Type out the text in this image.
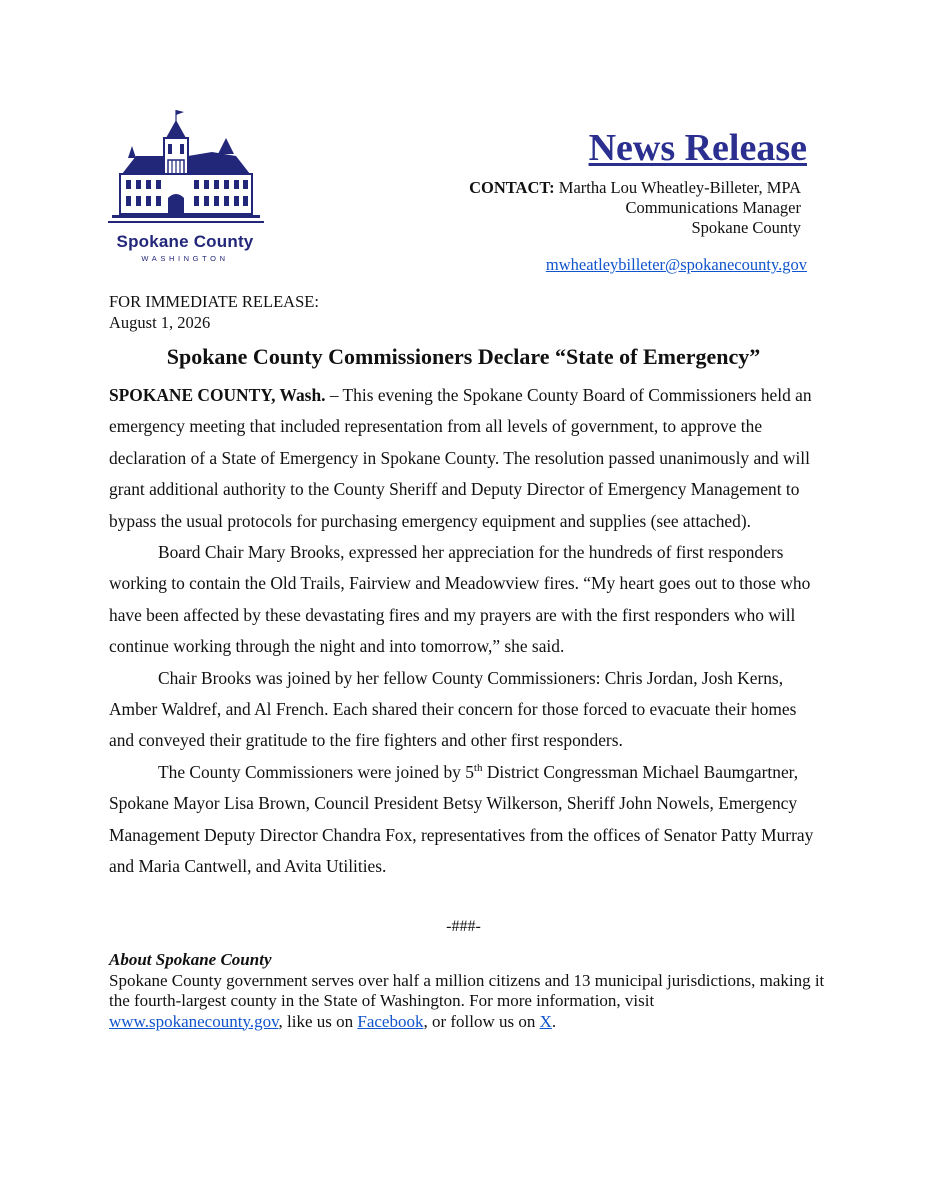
Spokane County
WASHINGTON
News Release
CONTACT: Martha Lou Wheatley-Billeter, MPA
Communications Manager
Spokane County
mwheatleybilleter@spokanecounty.gov
FOR IMMEDIATE RELEASE:
August 1, 2026
Spokane County Commissioners Declare “State of Emergency”

SPOKANE COUNTY, Wash. – This evening the Spokane County Board of Commissioners held an emergency meeting that included representation from all levels of government, to approve the declaration of a State of Emergency in Spokane County. The resolution passed unanimously and will grant additional authority to the County Sheriff and Deputy Director of Emergency Management to bypass the usual protocols for purchasing emergency equipment and supplies (see attached).

Board Chair Mary Brooks, expressed her appreciation for the hundreds of first responders working to contain the Old Trails, Fairview and Meadowview fires. “My heart goes out to those who have been affected by these devastating fires and my prayers are with the first responders who will continue working through the night and into tomorrow,” she said.

Chair Brooks was joined by her fellow County Commissioners: Chris Jordan, Josh Kerns, Amber Waldref, and Al French. Each shared their concern for those forced to evacuate their homes and conveyed their gratitude to the fire fighters and other first responders.

The County Commissioners were joined by 5th District Congressman Michael Baumgartner, Spokane Mayor Lisa Brown, Council President Betsy Wilkerson, Sheriff John Nowels, Emergency Management Deputy Director Chandra Fox, representatives from the offices of Senator Patty Murray and Maria Cantwell, and Avita Utilities.

-###-
About Spokane County
Spokane County government serves over half a million citizens and 13 municipal jurisdictions, making it the fourth-largest county in the State of Washington. For more information, visit www.spokanecounty.gov, like us on Facebook, or follow us on X.
